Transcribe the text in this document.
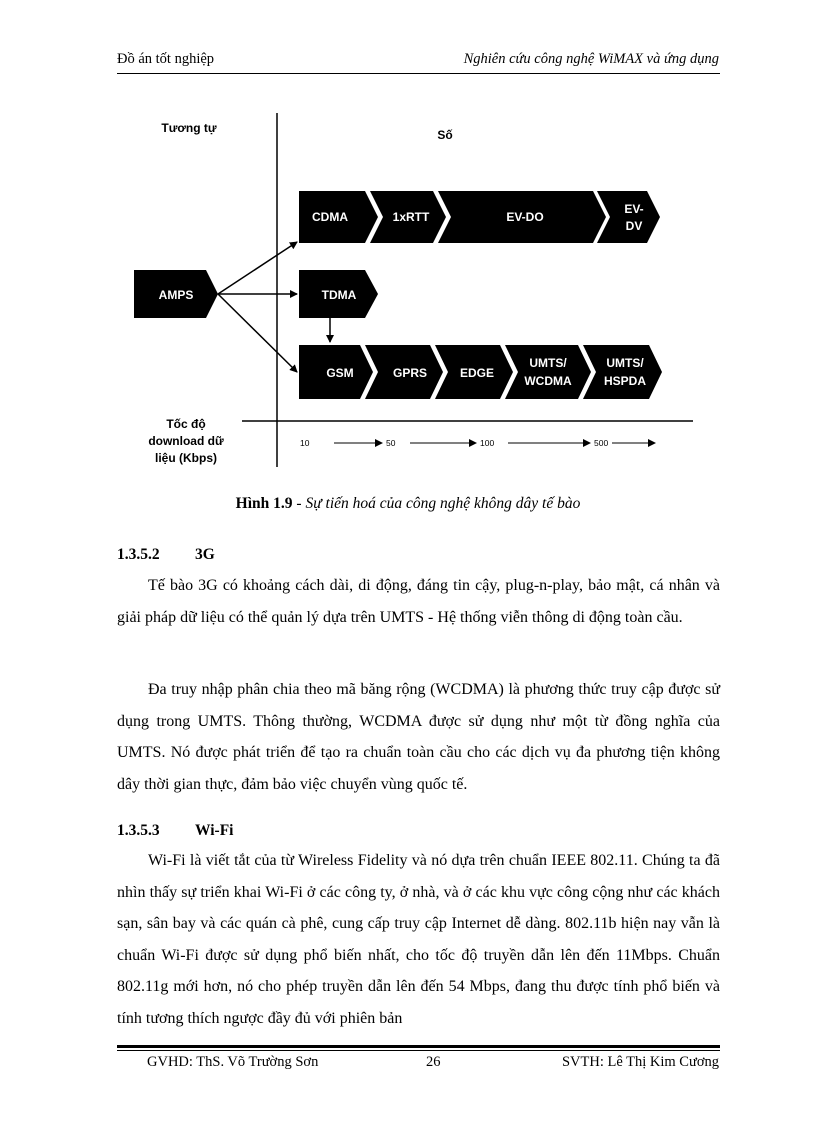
Đồ án tốt nghiệp	Nghiên cứu công nghệ WiMAX và ứng dụng
Tương tự	Số
AMPS
CDMA	1xRTT	EV-DO
EV-
DV
TDMA
GSM	GPRS	EDGE
UMTS/
WCDMA
UMTS/
HSPDA
Tốc độ
download dữ
liệu (Kbps)
10	50	100	500
Hình 1.9 - Sự tiến hoá của công nghệ không dây tế bào
1.3.5.2 3G

Tế bào 3G có khoảng cách dài, di động, đáng tin cậy, plug-n-play, bảo mật, cá nhân và giải pháp dữ liệu có thể quản lý dựa trên UMTS - Hệ thống viễn thông di động toàn cầu.

Đa truy nhập phân chia theo mã băng rộng (WCDMA) là phương thức truy cập được sử dụng trong UMTS. Thông thường, WCDMA được sử dụng như một từ đồng nghĩa của UMTS. Nó được phát triển để tạo ra chuẩn toàn cầu cho các dịch vụ đa phương tiện không dây thời gian thực, đảm bảo việc chuyển vùng quốc tế.

1.3.5.3 Wi-Fi

Wi-Fi là viết tắt của từ Wireless Fidelity và nó dựa trên chuẩn IEEE 802.11. Chúng ta đã nhìn thấy sự triển khai Wi-Fi ở các công ty, ở nhà, và ở các khu vực công cộng như các khách sạn, sân bay và các quán cà phê, cung cấp truy cập Internet dễ dàng. 802.11b hiện nay vẫn là chuẩn Wi-Fi được sử dụng phổ biến nhất, cho tốc độ truyền dẫn lên đến 11Mbps. Chuẩn 802.11g mới hơn, nó cho phép truyền dẫn lên đến 54 Mbps, đang thu được tính phổ biến và tính tương thích ngược đầy đủ với phiên bản

GVHD: ThS. Võ Trường Sơn	26	SVTH: Lê Thị Kim Cương
